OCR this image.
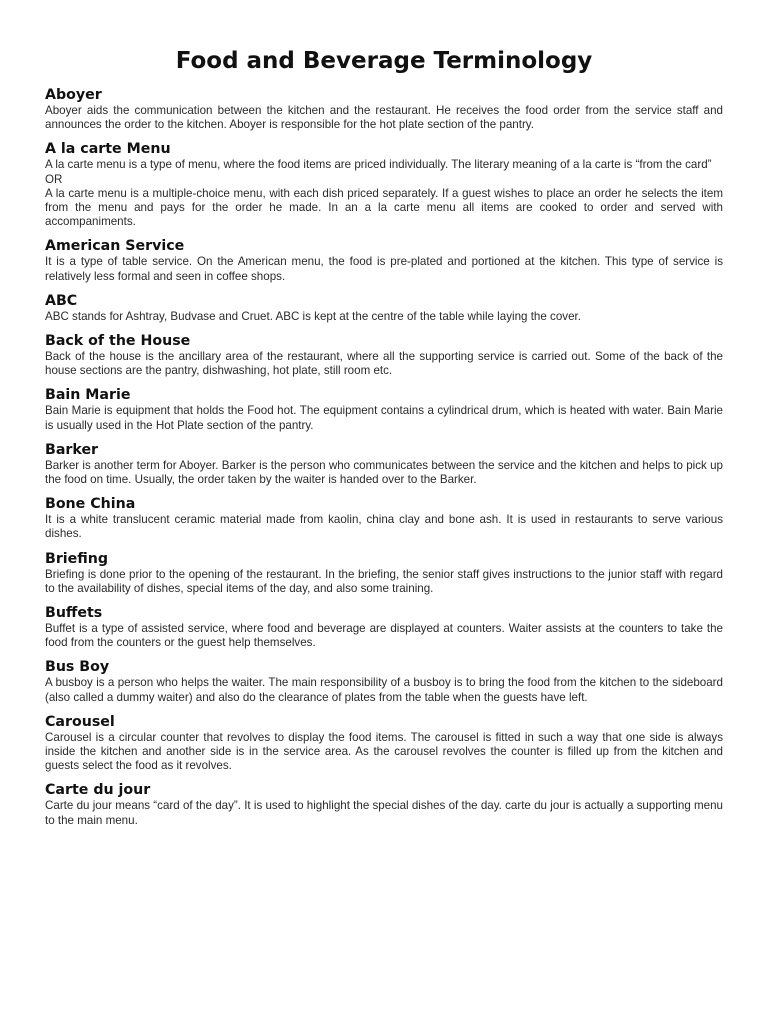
Food and Beverage Terminology
Aboyer

Aboyer aids the communication between the kitchen and the restaurant. He receives the food order from the service staff and announces the order to the kitchen. Aboyer is responsible for the hot plate section of the pantry.

A la carte Menu

A la carte menu is a type of menu, where the food items are priced individually. The literary meaning of a la carte is “from the card”
OR
A la carte menu is a multiple-choice menu, with each dish priced separately. If a guest wishes to place an order he selects the item from the menu and pays for the order he made. In an a la carte menu all items are cooked to order and served with accompaniments.

American Service

It is a type of table service. On the American menu, the food is pre-plated and portioned at the kitchen. This type of service is relatively less formal and seen in coffee shops.

ABC

ABC stands for Ashtray, Budvase and Cruet. ABC is kept at the centre of the table while laying the cover.

Back of the House

Back of the house is the ancillary area of the restaurant, where all the supporting service is carried out. Some of the back of the house sections are the pantry, dishwashing, hot plate, still room etc.

Bain Marie

Bain Marie is equipment that holds the Food hot. The equipment contains a cylindrical drum, which is heated with water. Bain Marie is usually used in the Hot Plate section of the pantry.

Barker

Barker is another term for Aboyer. Barker is the person who communicates between the service and the kitchen and helps to pick up the food on time. Usually, the order taken by the waiter is handed over to the Barker.

Bone China

It is a white translucent ceramic material made from kaolin, china clay and bone ash. It is used in restaurants to serve various dishes.

Briefing

Briefing is done prior to the opening of the restaurant. In the briefing, the senior staff gives instructions to the junior staff with regard to the availability of dishes, special items of the day, and also some training.

Buffets

Buffet is a type of assisted service, where food and beverage are displayed at counters. Waiter assists at the counters to take the food from the counters or the guest help themselves.

Bus Boy

A busboy is a person who helps the waiter. The main responsibility of a busboy is to bring the food from the kitchen to the sideboard (also called a dummy waiter) and also do the clearance of plates from the table when the guests have left.

Carousel

Carousel is a circular counter that revolves to display the food items. The carousel is fitted in such a way that one side is always inside the kitchen and another side is in the service area. As the carousel revolves the counter is filled up from the kitchen and guests select the food as it revolves.

Carte du jour

Carte du jour means “card of the day”. It is used to highlight the special dishes of the day. carte du jour is actually a supporting menu to the main menu.
